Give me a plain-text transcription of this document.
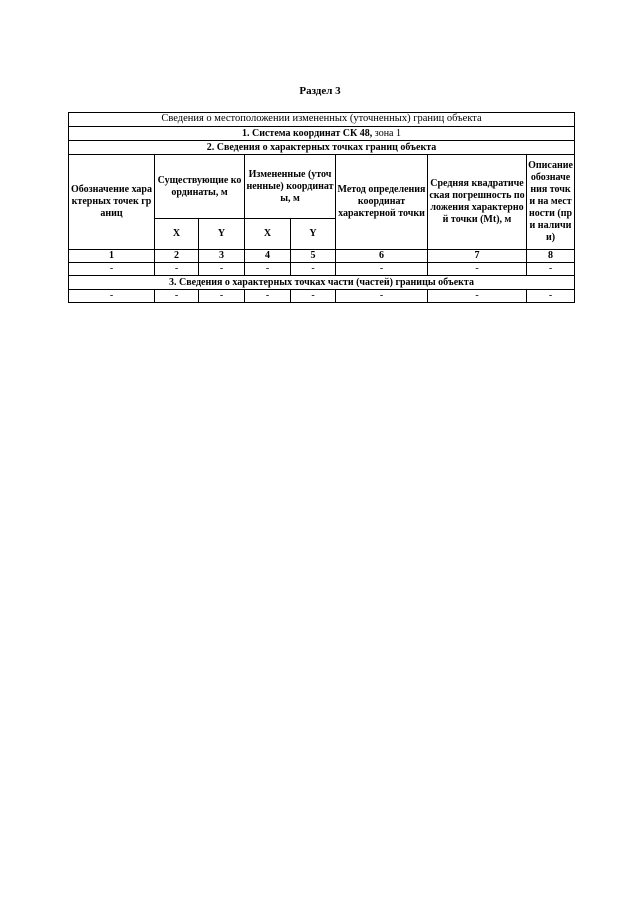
Раздел 3
Сведения о местоположении измененных (уточненных) границ объекта							
1. Система координат СК 48, зона 1							
2. Сведения о характерных точках границ объекта							
Обозначение характерных точек границ	Существующие координаты, м		Измененные (уточненные) координаты, м		Метод определения координат характерной точки	Средняя квадратическая погрешность положения характерной точки (Mt), м	Описание обозначения точки на местности (при наличии)
	X	Y	X	Y			
1	2	3	4	5	6	7	8
-	-	-	-	-	-	-	-
3. Сведения о характерных точках части (частей) границы объекта							
-	-	-	-	-	-	-	-
